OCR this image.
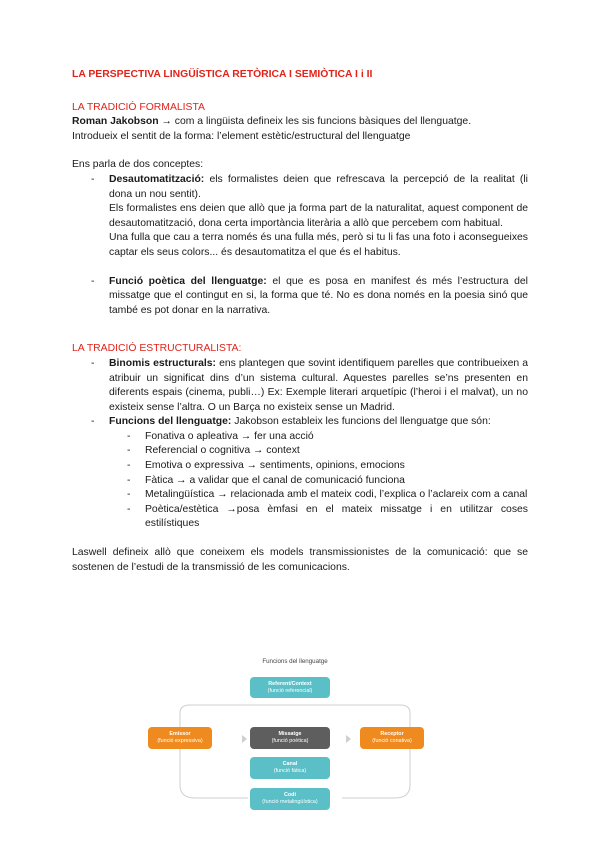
LA PERSPECTIVA LINGÜÍSTICA RETÒRICA I SEMIÒTICA I i II

LA TRADICIÓ FORMALISTA

Roman Jakobson → com a lingüista defineix les sis funcions bàsiques del llenguatge.

Introdueix el sentit de la forma: l’element estètic/estructural del llenguatge

Ens parla de dos conceptes:

- Desautomatització: els formalistes deien que refrescava la percepció de la realitat (li dona un nou sentit).
Els formalistes ens deien que allò que ja forma part de la naturalitat, aquest component de desautomatització, dona certa importància literària a allò que percebem com habitual.
Una fulla que cau a terra només és una fulla més, però si tu li fas una foto i aconsegueixes captar els seus colors... és desautomatitza el que és el habitus.
- Funció poètica del llenguatge: el que es posa en manifest és més l’estructura del missatge que el contingut en si, la forma que té. No es dona només en la poesia sinó que també es pot donar en la narrativa.

LA TRADICIÓ ESTRUCTURALISTA:

- Binomis estructurals: ens plantegen que sovint identifiquem parelles que contribueixen a atribuir un significat dins d’un sistema cultural. Aquestes parelles se’ns presenten en diferents espais (cinema, publi…) Ex: Exemple literari arquetípic (l’heroi i el malvat), un no existeix sense l’altra. O un Barça no existeix sense un Madrid.
- Funcions del llenguatge: Jakobson estableix les funcions del llenguatge que són:
- Fonativa o apleativa → fer una acció
- Referencial o cognitiva → context
- Emotiva o expressiva → sentiments, opinions, emocions
- Fàtica → a validar que el canal de comunicació funciona
- Metalingüística → relacionada amb el mateix codi, l’explica o l’aclareix com a canal
- Poètica/estètica →posa èmfasi en el mateix missatge i en utilitzar coses estilístiques

Laswell defineix allò que coneixem els models transmissionistes de la comunicació: que se sostenen de l’estudi de la transmissió de les comunicacions.

Funcions del llenguatge
Referent/Context
(funció referencial)
Emissor
(funció expressiva)
Missatge
(funció poètica)
Receptor
(funció conativa)
Canal
(funció fàtica)
Codi
(funció metalingüística)
